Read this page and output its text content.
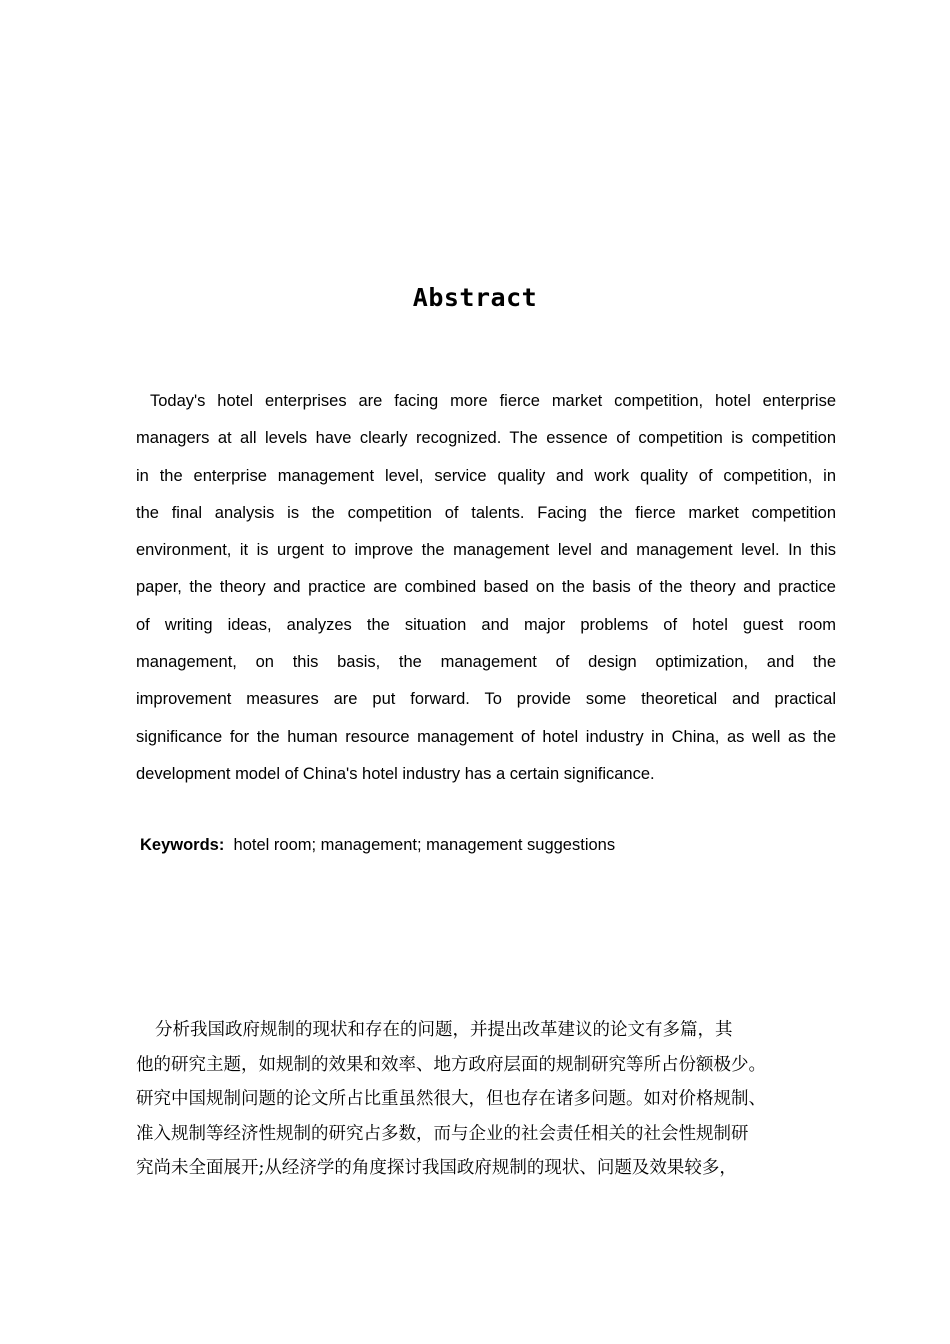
Abstract
Today's hotel enterprises are facing more fierce market competition, hotel enterprise
managers at all levels have clearly recognized. The essence of competition is competition
in the enterprise management level, service quality and work quality of competition, in
the final analysis is the competition of talents. Facing the fierce market competition
environment, it is urgent to improve the management level and management level. In this
paper, the theory and practice are combined based on the basis of the theory and practice
of writing ideas, analyzes the situation and major problems of hotel guest room
management, on this basis, the management of design optimization, and the
improvement measures are put forward. To provide some theoretical and practical
significance for the human resource management of hotel industry in China, as well as the
development model of China's hotel industry has a certain significance.
Keywords: hotel room; management; management suggestions
分析我国政府规制的现状和存在的问题，并提出改革建议的论文有多篇，其
他的研究主题，如规制的效果和效率、地方政府层面的规制研究等所占份额极少。
研究中国规制问题的论文所占比重虽然很大，但也存在诸多问题。如对价格规制、
准入规制等经济性规制的研究占多数，而与企业的社会责任相关的社会性规制研
究尚未全面展开;从经济学的角度探讨我国政府规制的现状、问题及效果较多，
